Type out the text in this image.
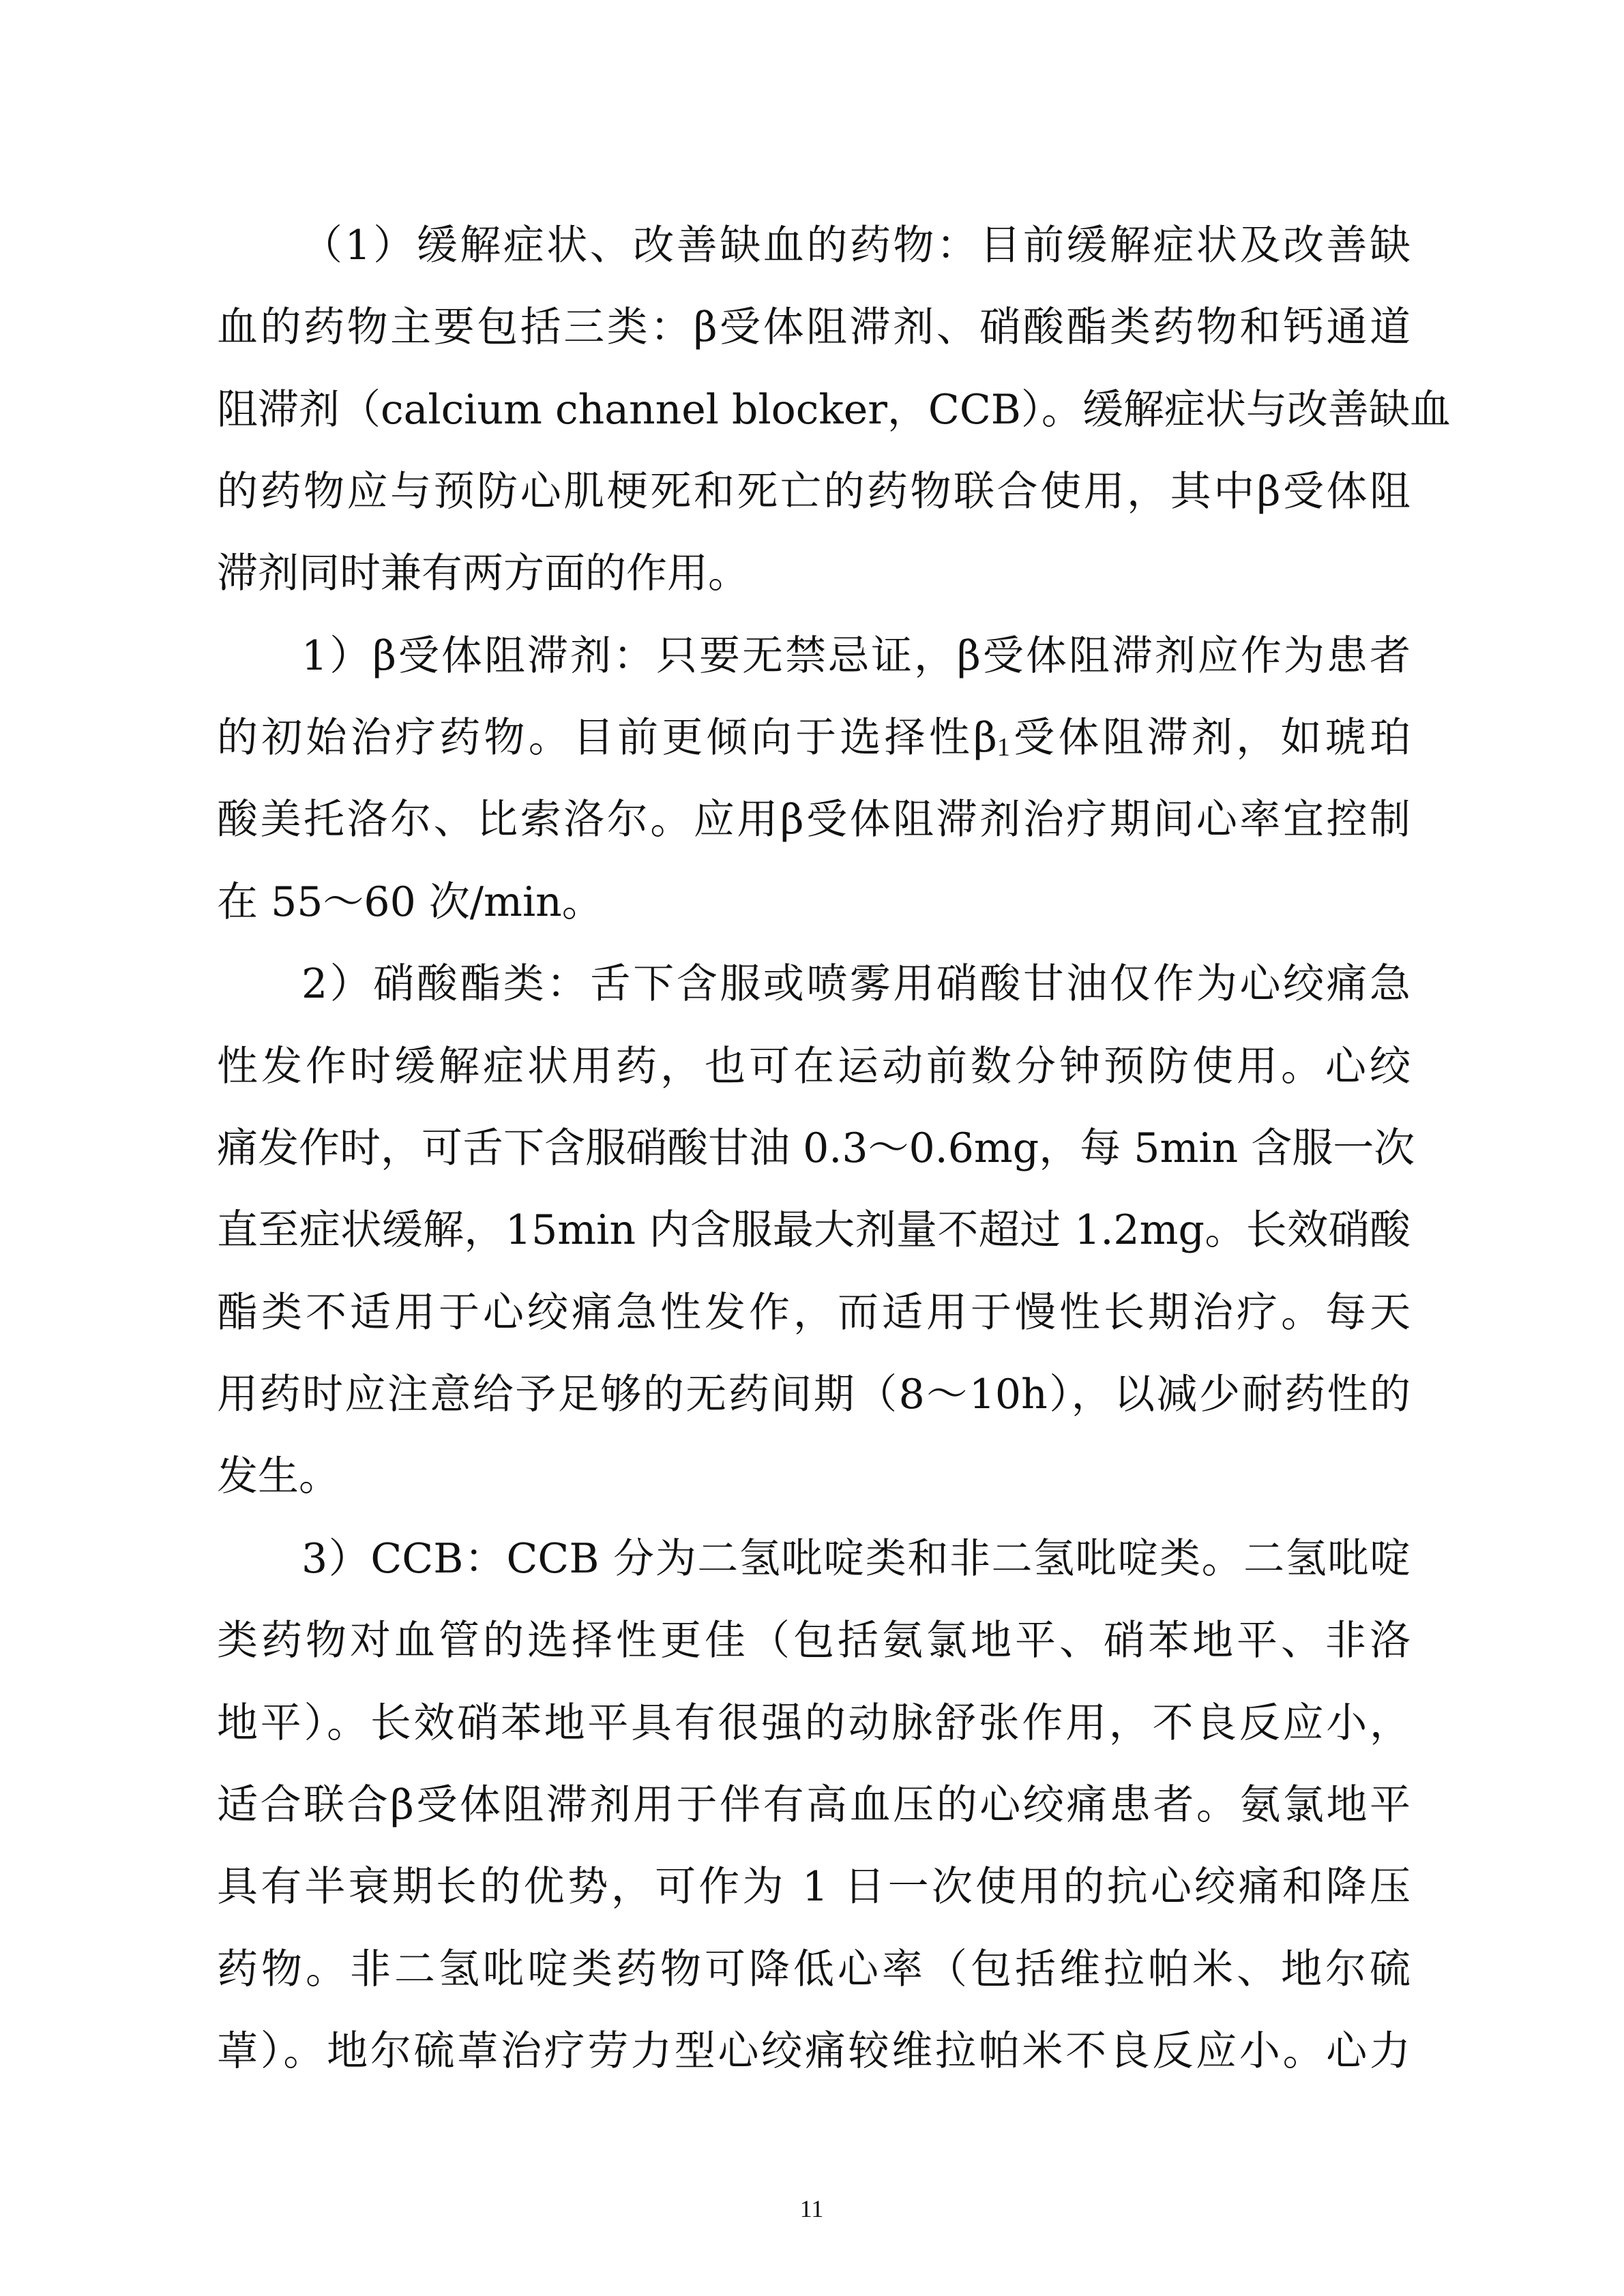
（1）缓解症状、改善缺血的药物：目前缓解症状及改善缺
血的药物主要包括三类：β受体阻滞剂、硝酸酯类药物和钙通道
阻滞剂（calcium channel blocker，CCB）。缓解症状与改善缺血
的药物应与预防心肌梗死和死亡的药物联合使用，其中β受体阻
滞剂同时兼有两方面的作用。
1）β受体阻滞剂：只要无禁忌证，β受体阻滞剂应作为患者
的初始治疗药物。目前更倾向于选择性$\beta_1$受体阻滞剂，如琥珀
酸美托洛尔、比索洛尔。应用β受体阻滞剂治疗期间心率宜控制
在 55～60 次/min。
2）硝酸酯类：舌下含服或喷雾用硝酸甘油仅作为心绞痛急
性发作时缓解症状用药，也可在运动前数分钟预防使用。心绞
痛发作时，可舌下含服硝酸甘油 0.3～0.6mg，每 5min 含服一次
直至症状缓解，15min 内含服最大剂量不超过 1.2mg。长效硝酸
酯类不适用于心绞痛急性发作，而适用于慢性长期治疗。每天
用药时应注意给予足够的无药间期（8～10h），以减少耐药性的
发生。
3）CCB：CCB 分为二氢吡啶类和非二氢吡啶类。二氢吡啶
类药物对血管的选择性更佳（包括氨氯地平、硝苯地平、非洛
地平）。长效硝苯地平具有很强的动脉舒张作用，不良反应小，
适合联合β受体阻滞剂用于伴有高血压的心绞痛患者。氨氯地平
具有半衰期长的优势，可作为 1 日一次使用的抗心绞痛和降压
药物。非二氢吡啶类药物可降低心率（包括维拉帕米、地尔硫
䓬）。地尔硫䓬治疗劳力型心绞痛较维拉帕米不良反应小。心力
11
